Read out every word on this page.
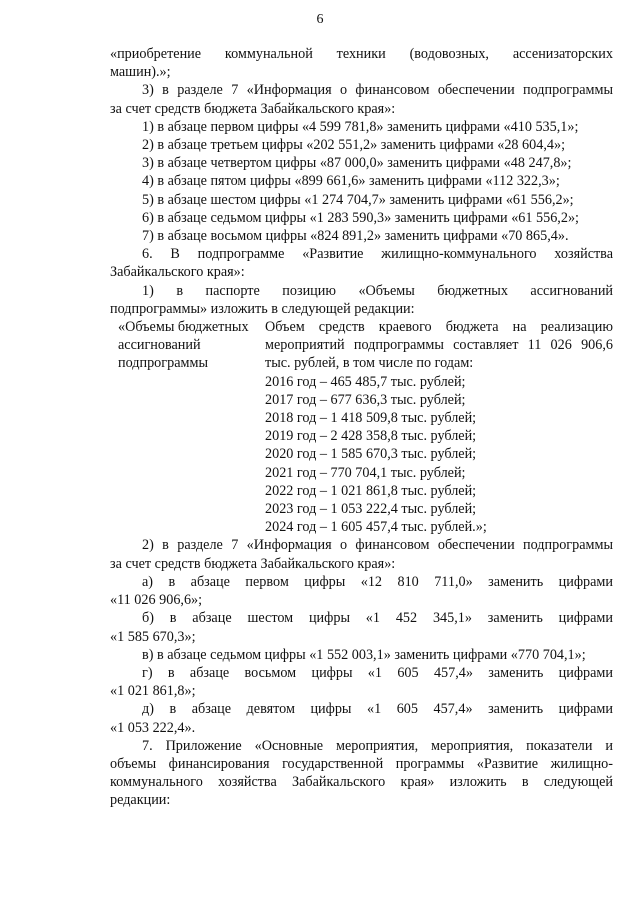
6

«приобретение коммунальной техники (водовозных, ассенизаторских

машин).»;

3) в разделе 7 «Информация о финансовом обеспечении подпрограммы

за счет средств бюджета Забайкальского края»:

1) в абзаце первом цифры «4 599 781,8» заменить цифрами «410 535,1»;

2) в абзаце третьем цифры «202 551,2» заменить цифрами «28 604,4»;

3) в абзаце четвертом цифры «87 000,0» заменить цифрами «48 247,8»;

4) в абзаце пятом цифры «899 661,6» заменить цифрами «112 322,3»;

5) в абзаце шестом цифры «1 274 704,7» заменить цифрами «61 556,2»;

6) в абзаце седьмом цифры «1 283 590,3» заменить цифрами «61 556,2»;

7) в абзаце восьмом цифры «824 891,2» заменить цифрами «70 865,4».

6. В подпрограмме «Развитие жилищно-коммунального хозяйства

Забайкальского края»:

1) в паспорте позицию «Объемы бюджетных ассигнований

подпрограммы» изложить в следующей редакции:

«Объемы бюджетных

ассигнований

подпрограммы

Объем средств краевого бюджета на реализацию

мероприятий подпрограммы составляет 11 026 906,6

тыс. рублей, в том числе по годам:

2016 год – 465 485,7 тыс. рублей;

2017 год – 677 636,3 тыс. рублей;

2018 год – 1 418 509,8 тыс. рублей;

2019 год – 2 428 358,8 тыс. рублей;

2020 год – 1 585 670,3 тыс. рублей;

2021 год – 770 704,1 тыс. рублей;

2022 год – 1 021 861,8 тыс. рублей;

2023 год – 1 053 222,4 тыс. рублей;

2024 год – 1 605 457,4 тыс. рублей.»;

2) в разделе 7 «Информация о финансовом обеспечении подпрограммы

за счет средств бюджета Забайкальского края»:

а) в абзаце первом цифры «12 810 711,0» заменить цифрами

«11 026 906,6»;

б) в абзаце шестом цифры «1 452 345,1» заменить цифрами

«1 585 670,3»;

в) в абзаце седьмом цифры «1 552 003,1» заменить цифрами «770 704,1»;

г) в абзаце восьмом цифры «1 605 457,4» заменить цифрами

«1 021 861,8»;

д) в абзаце девятом цифры «1 605 457,4» заменить цифрами

«1 053 222,4».

7. Приложение «Основные мероприятия, мероприятия, показатели и

объемы финансирования государственной программы «Развитие жилищно-

коммунального хозяйства Забайкальского края» изложить в следующей

редакции:
